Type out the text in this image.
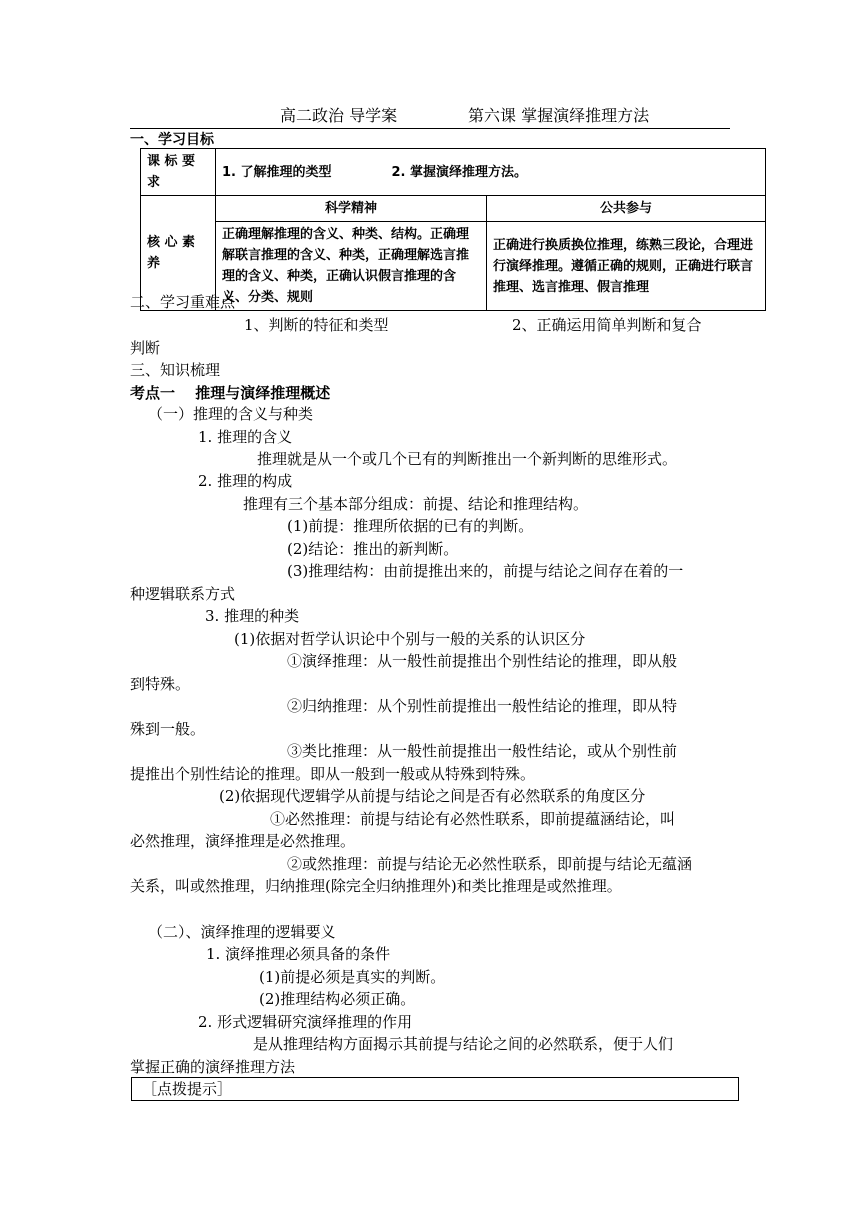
高二政治 导学案	第六课 掌握演绎推理方法
一、学习目标
课 标 要 求	1. 了解推理的类型 2. 掌握演绎推理方法。	
核 心 素 养	科学精神	公共参与
	正确理解推理的含义、种类、结构。正确理解联言推理的含义、种类，正确理解选言推理的含义、种类，正确认识假言推理的含义、分类、规则	正确进行换质换位推理，练熟三段论，合理进行演绎推理。遵循正确的规则，正确进行联言推理、选言推理、假言推理
二、学习重难点
1、判断的特征和类型	2、正确运用简单判断和复合
判断
三、知识梳理
考点一　 推理与演绎推理概述
（一）推理的含义与种类
1. 推理的含义
推理就是从一个或几个已有的判断推出一个新判断的思维形式。
2. 推理的构成
推理有三个基本部分组成：前提、结论和推理结构。
(1)前提：推理所依据的已有的判断。
(2)结论：推出的新判断。
(3)推理结构：由前提推出来的，前提与结论之间存在着的一
种逻辑联系方式
3. 推理的种类
(1)依据对哲学认识论中个别与一般的关系的认识区分
①演绎推理：从一般性前提推出个别性结论的推理，即从般
到特殊。
②归纳推理：从个别性前提推出一般性结论的推理，即从特
殊到一般。
③类比推理：从一般性前提推出一般性结论，或从个别性前
提推出个别性结论的推理。即从一般到一般或从特殊到特殊。
(2)依据现代逻辑学从前提与结论之间是否有必然联系的角度区分
①必然推理：前提与结论有必然性联系，即前提蕴涵结论，叫
必然推理，演绎推理是必然推理。
②或然推理：前提与结论无必然性联系，即前提与结论无蕴涵
关系，叫或然推理，归纳推理(除完全归纳推理外)和类比推理是或然推理。
（二）、演绎推理的逻辑要义
1. 演绎推理必须具备的条件
(1)前提必须是真实的判断。
(2)推理结构必须正确。
2. 形式逻辑研究演绎推理的作用
是从推理结构方面揭示其前提与结论之间的必然联系，便于人们
掌握正确的演绎推理方法
［点拨提示］
